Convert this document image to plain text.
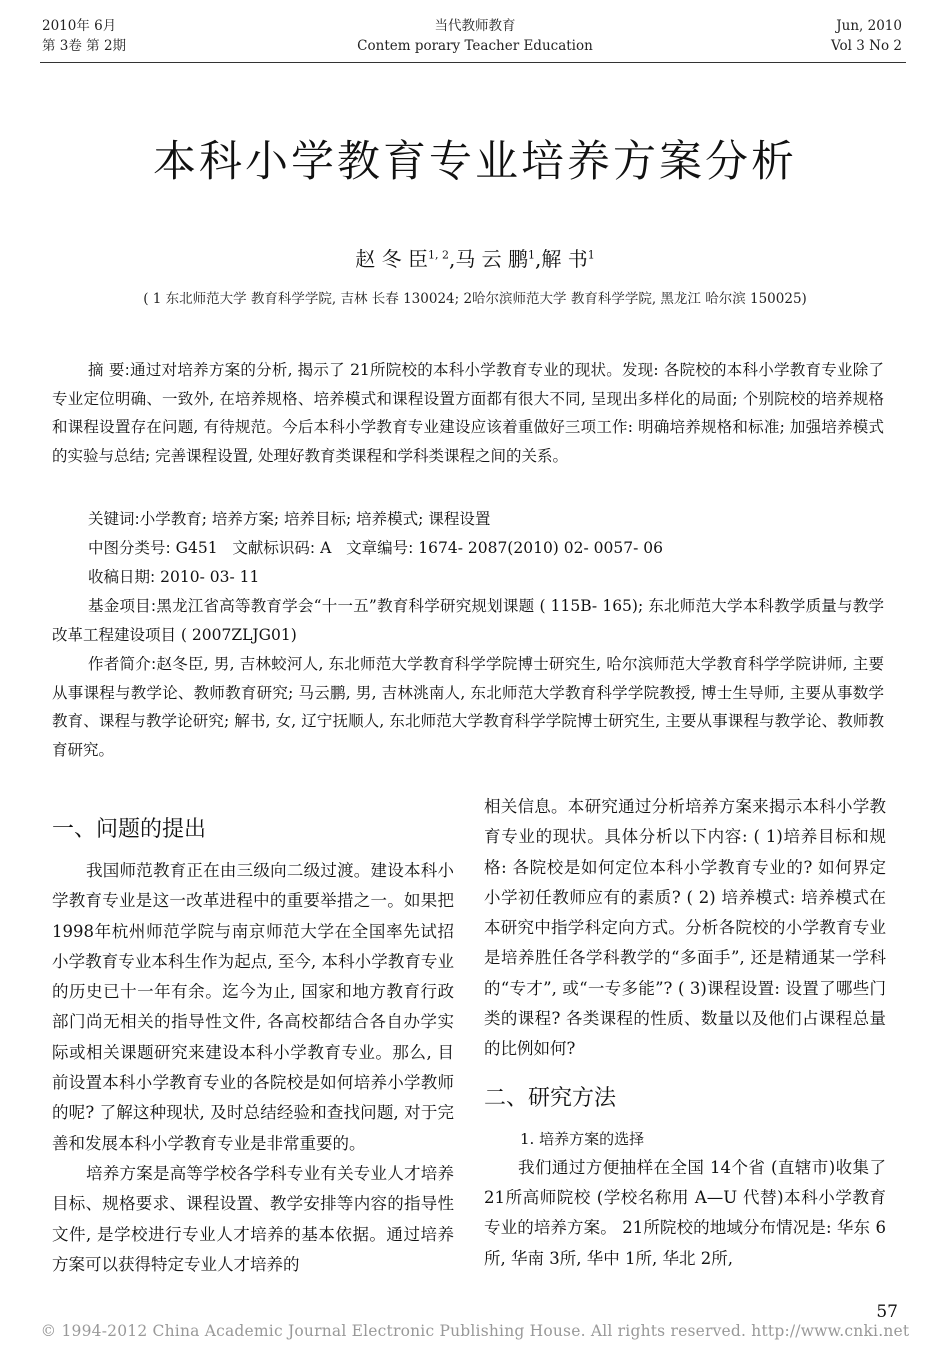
2010年 6月
第 3卷 第 2期
当代教师教育
Contem porary Teacher Education
Jun, 2010
Vol 3 No 2
本科小学教育专业培养方案分析
赵 冬 臣$^{1, 2}$,马 云 鹏$^1$,解 书$^1$
( 1 东北师范大学 教育科学学院, 吉林 长春 130024; 2哈尔滨师范大学 教育科学学院, 黑龙江 哈尔滨 150025)

摘 要:通过对培养方案的分析, 揭示了 21所院校的本科小学教育专业的现状。发现: 各院校的本科小学教育专业除了专业定位明确、一致外, 在培养规格、培养模式和课程设置方面都有很大不同, 呈现出多样化的局面; 个别院校的培养规格和课程设置存在问题, 有待规范。今后本科小学教育专业建设应该着重做好三项工作: 明确培养规格和标准; 加强培养模式的实验与总结; 完善课程设置, 处理好教育类课程和学科类课程之间的关系。

关键词:小学教育; 培养方案; 培养目标; 培养模式; 课程设置

中图分类号: G451 文献标识码: A 文章编号: 1674- 2087(2010) 02- 0057- 06

收稿日期: 2010- 03- 11

基金项目:黑龙江省高等教育学会“十一五”教育科学研究规划课题 ( 115B- 165); 东北师范大学本科教学质量与教学改革工程建设项目 ( 2007ZLJG01)

作者简介:赵冬臣, 男, 吉林蛟河人, 东北师范大学教育科学学院博士研究生, 哈尔滨师范大学教育科学学院讲师, 主要从事课程与教学论、教师教育研究; 马云鹏, 男, 吉林洮南人, 东北师范大学教育科学学院教授, 博士生导师, 主要从事数学教育、课程与教学论研究; 解书, 女, 辽宁抚顺人, 东北师范大学教育科学学院博士研究生, 主要从事课程与教学论、教师教育研究。

一、问题的提出

我国师范教育正在由三级向二级过渡。建设本科小学教育专业是这一改革进程中的重要举措之一。如果把 1998年杭州师范学院与南京师范大学在全国率先试招小学教育专业本科生作为起点, 至今, 本科小学教育专业的历史已十一年有余。迄今为止, 国家和地方教育行政部门尚无相关的指导性文件, 各高校都结合各自办学实际或相关课题研究来建设本科小学教育专业。那么, 目前设置本科小学教育专业的各院校是如何培养小学教师的呢? 了解这种现状, 及时总结经验和查找问题, 对于完善和发展本科小学教育专业是非常重要的。

培养方案是高等学校各学科专业有关专业人才培养目标、规格要求、课程设置、教学安排等内容的指导性文件, 是学校进行专业人才培养的基本依据。通过培养方案可以获得特定专业人才培养的

相关信息。本研究通过分析培养方案来揭示本科小学教育专业的现状。具体分析以下内容: ( 1)培养目标和规格: 各院校是如何定位本科小学教育专业的? 如何界定小学初任教师应有的素质? ( 2) 培养模式: 培养模式在本研究中指学科定向方式。分析各院校的小学教育专业是培养胜任各学科教学的“多面手”, 还是精通某一学科的“专才”, 或“一专多能”? ( 3)课程设置: 设置了哪些门类的课程? 各类课程的性质、数量以及他们占课程总量的比例如何?

二、研究方法
1. 培养方案的选择

我们通过方便抽样在全国 14个省 (直辖市)收集了 21所高师院校 (学校名称用 A—U 代替)本科小学教育专业的培养方案。 21所院校的地域分布情况是: 华东 6所, 华南 3所, 华中 1所, 华北 2所,

57
© 1994-2012 China Academic Journal Electronic Publishing House. All rights reserved. http://www.cnki.net
